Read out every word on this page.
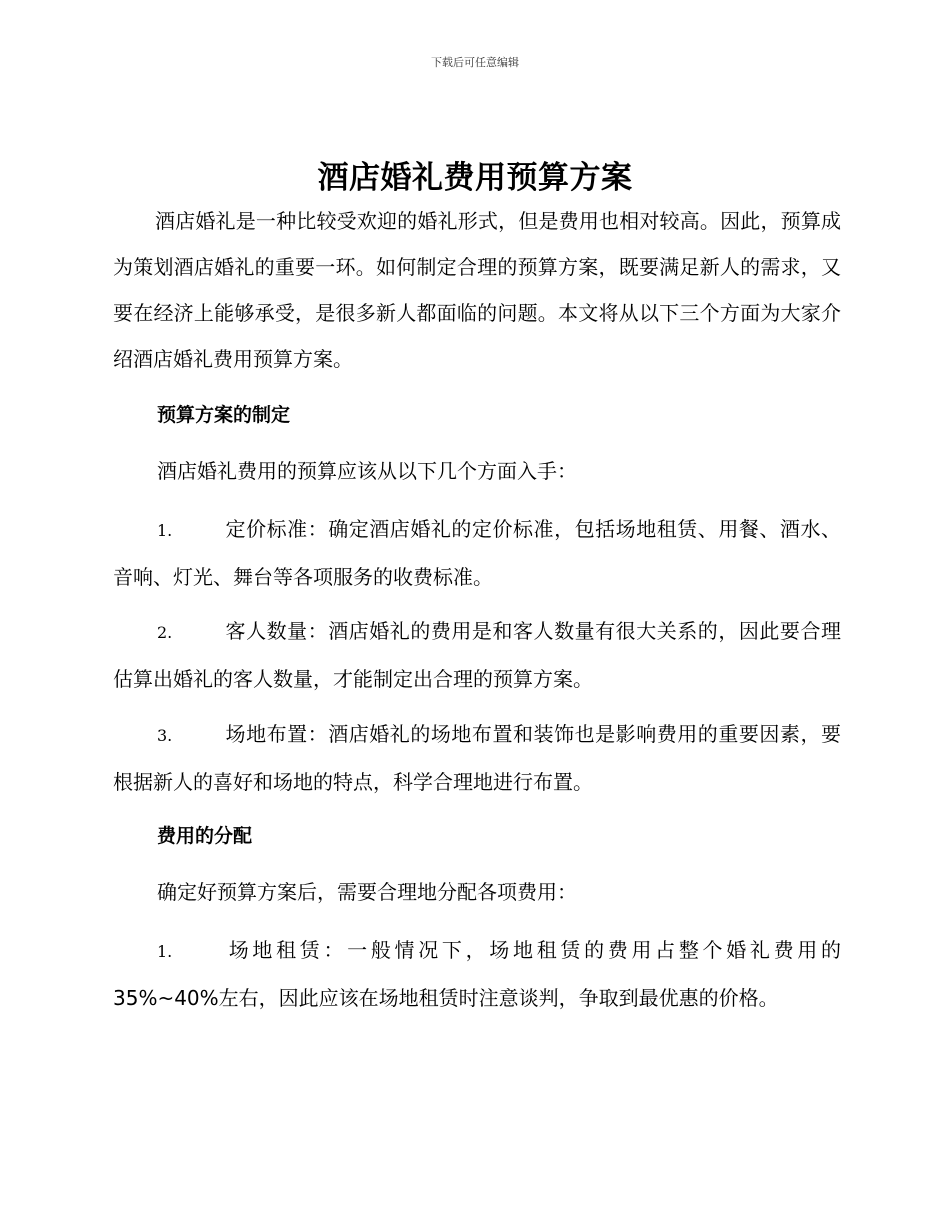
下载后可任意编辑
酒店婚礼费用预算方案

酒店婚礼是一种比较受欢迎的婚礼形式，但是费用也相对较高。因此，预算成为策划酒店婚礼的重要一环。如何制定合理的预算方案，既要满足新人的需求，又要在经济上能够承受，是很多新人都面临的问题。本文将从以下三个方面为大家介绍酒店婚礼费用预算方案。

预算方案的制定
酒店婚礼费用的预算应该从以下几个方面入手：

1.	定价标准：确定酒店婚礼的定价标准，包括场地租赁、用餐、酒水、音响、灯光、舞台等各项服务的收费标准。

2.	客人数量：酒店婚礼的费用是和客人数量有很大关系的，因此要合理估算出婚礼的客人数量，才能制定出合理的预算方案。

3.	场地布置：酒店婚礼的场地布置和装饰也是影响费用的重要因素，要根据新人的喜好和场地的特点，科学合理地进行布置。

费用的分配
确定好预算方案后，需要合理地分配各项费用：

1.	场地租赁：一般情况下，场地租赁的费用占整个婚礼费用的35%~40%左右，因此应该在场地租赁时注意谈判，争取到最优惠的价格。
